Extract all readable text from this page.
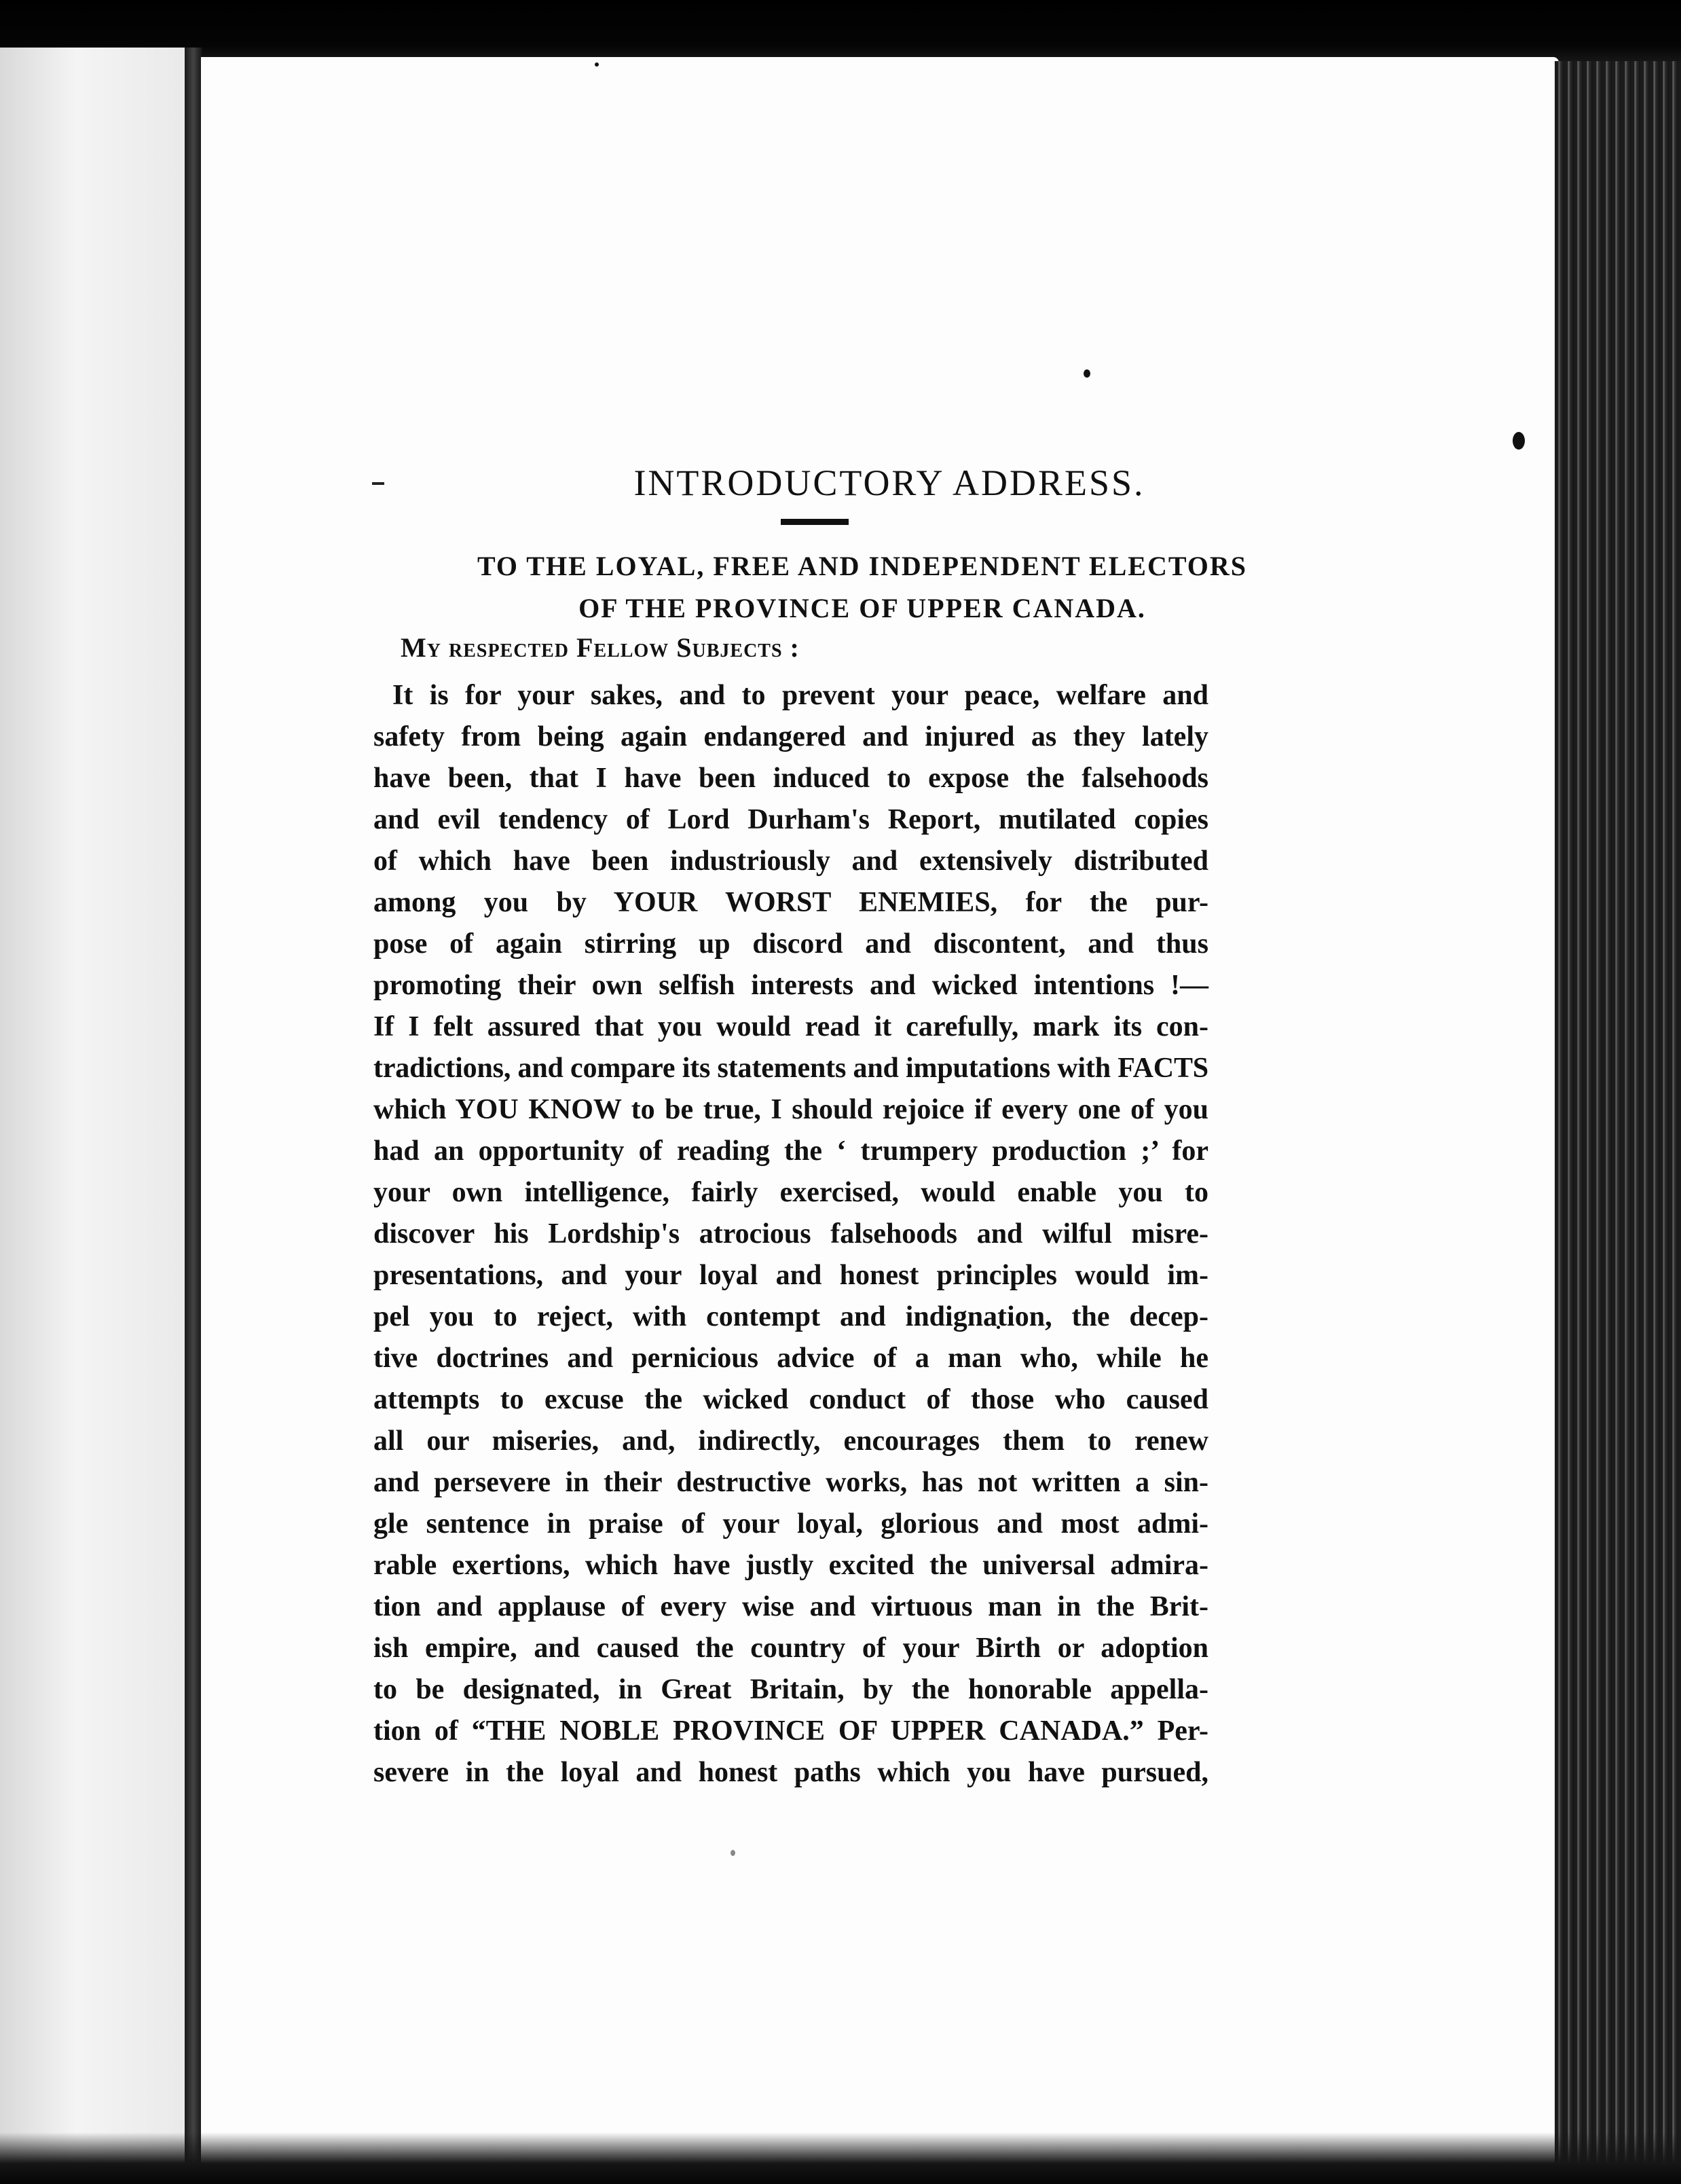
INTRODUCTORY ADDRESS.
TO THE LOYAL, FREE AND INDEPENDENT ELECTORS
OF THE PROVINCE OF UPPER CANADA.
My respected Fellow Subjects :
It is for your sakes, and to prevent your peace, welfare and
safety from being again endangered and injured as they lately
have been, that I have been induced to expose the falsehoods
and evil tendency of Lord Durham's Report, mutilated copies
of which have been industriously and extensively distributed
among you by YOUR WORST ENEMIES, for the pur-
pose of again stirring up discord and discontent, and thus
promoting their own selfish interests and wicked intentions !—
If I felt assured that you would read it carefully, mark its con-
tradictions, and compare its statements and imputations with FACTS
which YOU KNOW to be true, I should rejoice if every one of you
had an opportunity of reading the ‘ trumpery production ;’ for
your own intelligence, fairly exercised, would enable you to
discover his Lordship's atrocious falsehoods and wilful misre-
presentations, and your loyal and honest principles would im-
pel you to reject, with contempt and indignation, the decep-
tive doctrines and pernicious advice of a man who, while he
attempts to excuse the wicked conduct of those who caused
all our miseries, and, indirectly, encourages them to renew
and persevere in their destructive works, has not written a sin-
gle sentence in praise of your loyal, glorious and most admi-
rable exertions, which have justly excited the universal admira-
tion and applause of every wise and virtuous man in the Brit-
ish empire, and caused the country of your Birth or adoption
to be designated, in Great Britain, by the honorable appella-
tion of “THE NOBLE PROVINCE OF UPPER CANADA.” Per-
severe in the loyal and honest paths which you have pursued,
